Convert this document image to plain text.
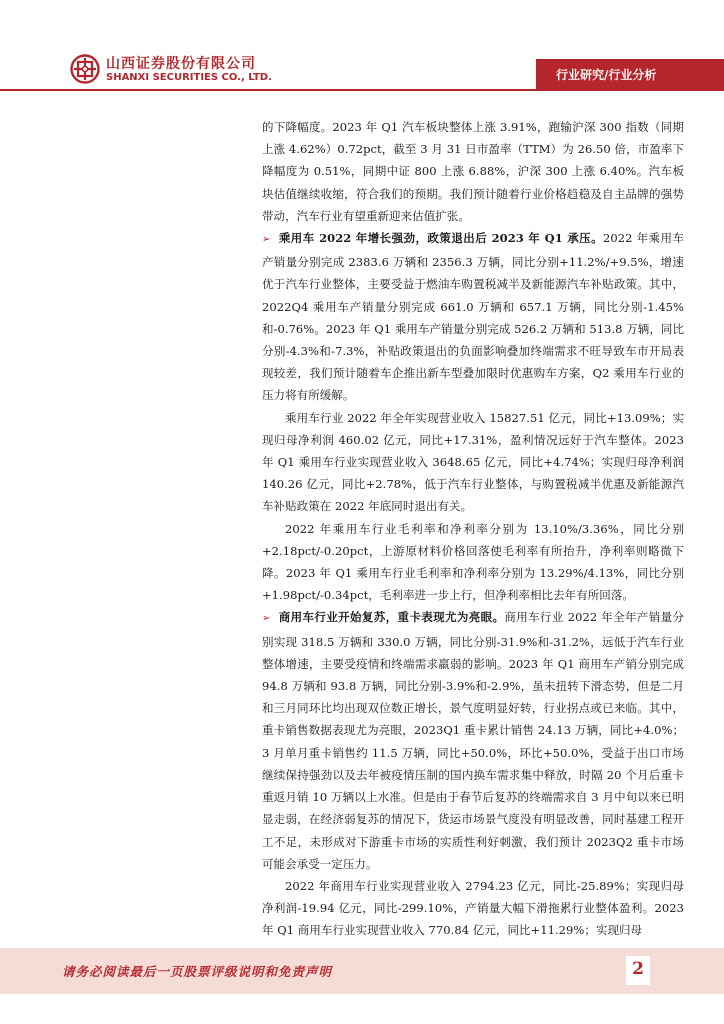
山西证券股份有限公司
SHANXI SECURITIES CO., LTD.	行业研究/行业分析

的下降幅度。2023 年 Q1 汽车板块整体上涨 3.91%，跑输沪深 300 指数（同期上涨 4.62%）0.72pct，截至 3 月 31 日市盈率（TTM）为 26.50 倍，市盈率下降幅度为 0.51%，同期中证 800 上涨 6.88%，沪深 300 上涨 6.40%。汽车板块估值继续收缩，符合我们的预期。我们预计随着行业价格趋稳及自主品牌的强势带动，汽车行业有望重新迎来估值扩张。

➢ 乘用车 2022 年增长强劲，政策退出后 2023 年 Q1 承压。2022 年乘用车产销量分别完成 2383.6 万辆和 2356.3 万辆，同比分别+11.2%/+9.5%，增速优于汽车行业整体，主要受益于燃油车购置税减半及新能源汽车补贴政策。其中，2022Q4 乘用车产销量分别完成 661.0 万辆和 657.1 万辆，同比分别-1.45%和-0.76%。2023 年 Q1 乘用车产销量分别完成 526.2 万辆和 513.8 万辆，同比分别-4.3%和-7.3%，补贴政策退出的负面影响叠加终端需求不旺导致车市开局表现较差，我们预计随着车企推出新车型叠加限时优惠购车方案，Q2 乘用车行业的压力将有所缓解。

乘用车行业 2022 年全年实现营业收入 15827.51 亿元，同比+13.09%；实现归母净利润 460.02 亿元，同比+17.31%，盈利情况远好于汽车整体。2023 年 Q1 乘用车行业实现营业收入 3648.65 亿元，同比+4.74%；实现归母净利润 140.26 亿元，同比+2.78%，低于汽车行业整体，与购置税减半优惠及新能源汽车补贴政策在 2022 年底同时退出有关。

2022 年乘用车行业毛利率和净利率分别为 13.10%/3.36%，同比分别+2.18pct/-0.20pct，上游原材料价格回落使毛利率有所抬升，净利率则略微下降。2023 年 Q1 乘用车行业毛利率和净利率分别为 13.29%/4.13%，同比分别+1.98pct/-0.34pct，毛利率进一步上行，但净利率相比去年有所回落。

➢ 商用车行业开始复苏，重卡表现尤为亮眼。商用车行业 2022 年全年产销量分别实现 318.5 万辆和 330.0 万辆，同比分别-31.9%和-31.2%，远低于汽车行业整体增速，主要受疫情和终端需求羸弱的影响。2023 年 Q1 商用车产销分别完成 94.8 万辆和 93.8 万辆，同比分别-3.9%和-2.9%，虽未扭转下滑态势，但是二月和三月同环比均出现双位数正增长，景气度明显好转，行业拐点或已来临。其中，重卡销售数据表现尤为亮眼，2023Q1 重卡累计销售 24.13 万辆，同比+4.0%；3 月单月重卡销售约 11.5 万辆，同比+50.0%，环比+50.0%，受益于出口市场继续保持强劲以及去年被疫情压制的国内换车需求集中释放，时隔 20 个月后重卡重返月销 10 万辆以上水准。但是由于春节后复苏的终端需求自 3 月中旬以来已明显走弱，在经济弱复苏的情况下，货运市场景气度没有明显改善，同时基建工程开工不足，未形成对下游重卡市场的实质性利好刺激，我们预计 2023Q2 重卡市场可能会承受一定压力。

2022 年商用车行业实现营业收入 2794.23 亿元，同比-25.89%；实现归母净利润-19.94 亿元，同比-299.10%，产销量大幅下滑拖累行业整体盈利。2023 年 Q1 商用车行业实现营业收入 770.84 亿元，同比+11.29%；实现归母

请务必阅读最后一页股票评级说明和免责声明	2
